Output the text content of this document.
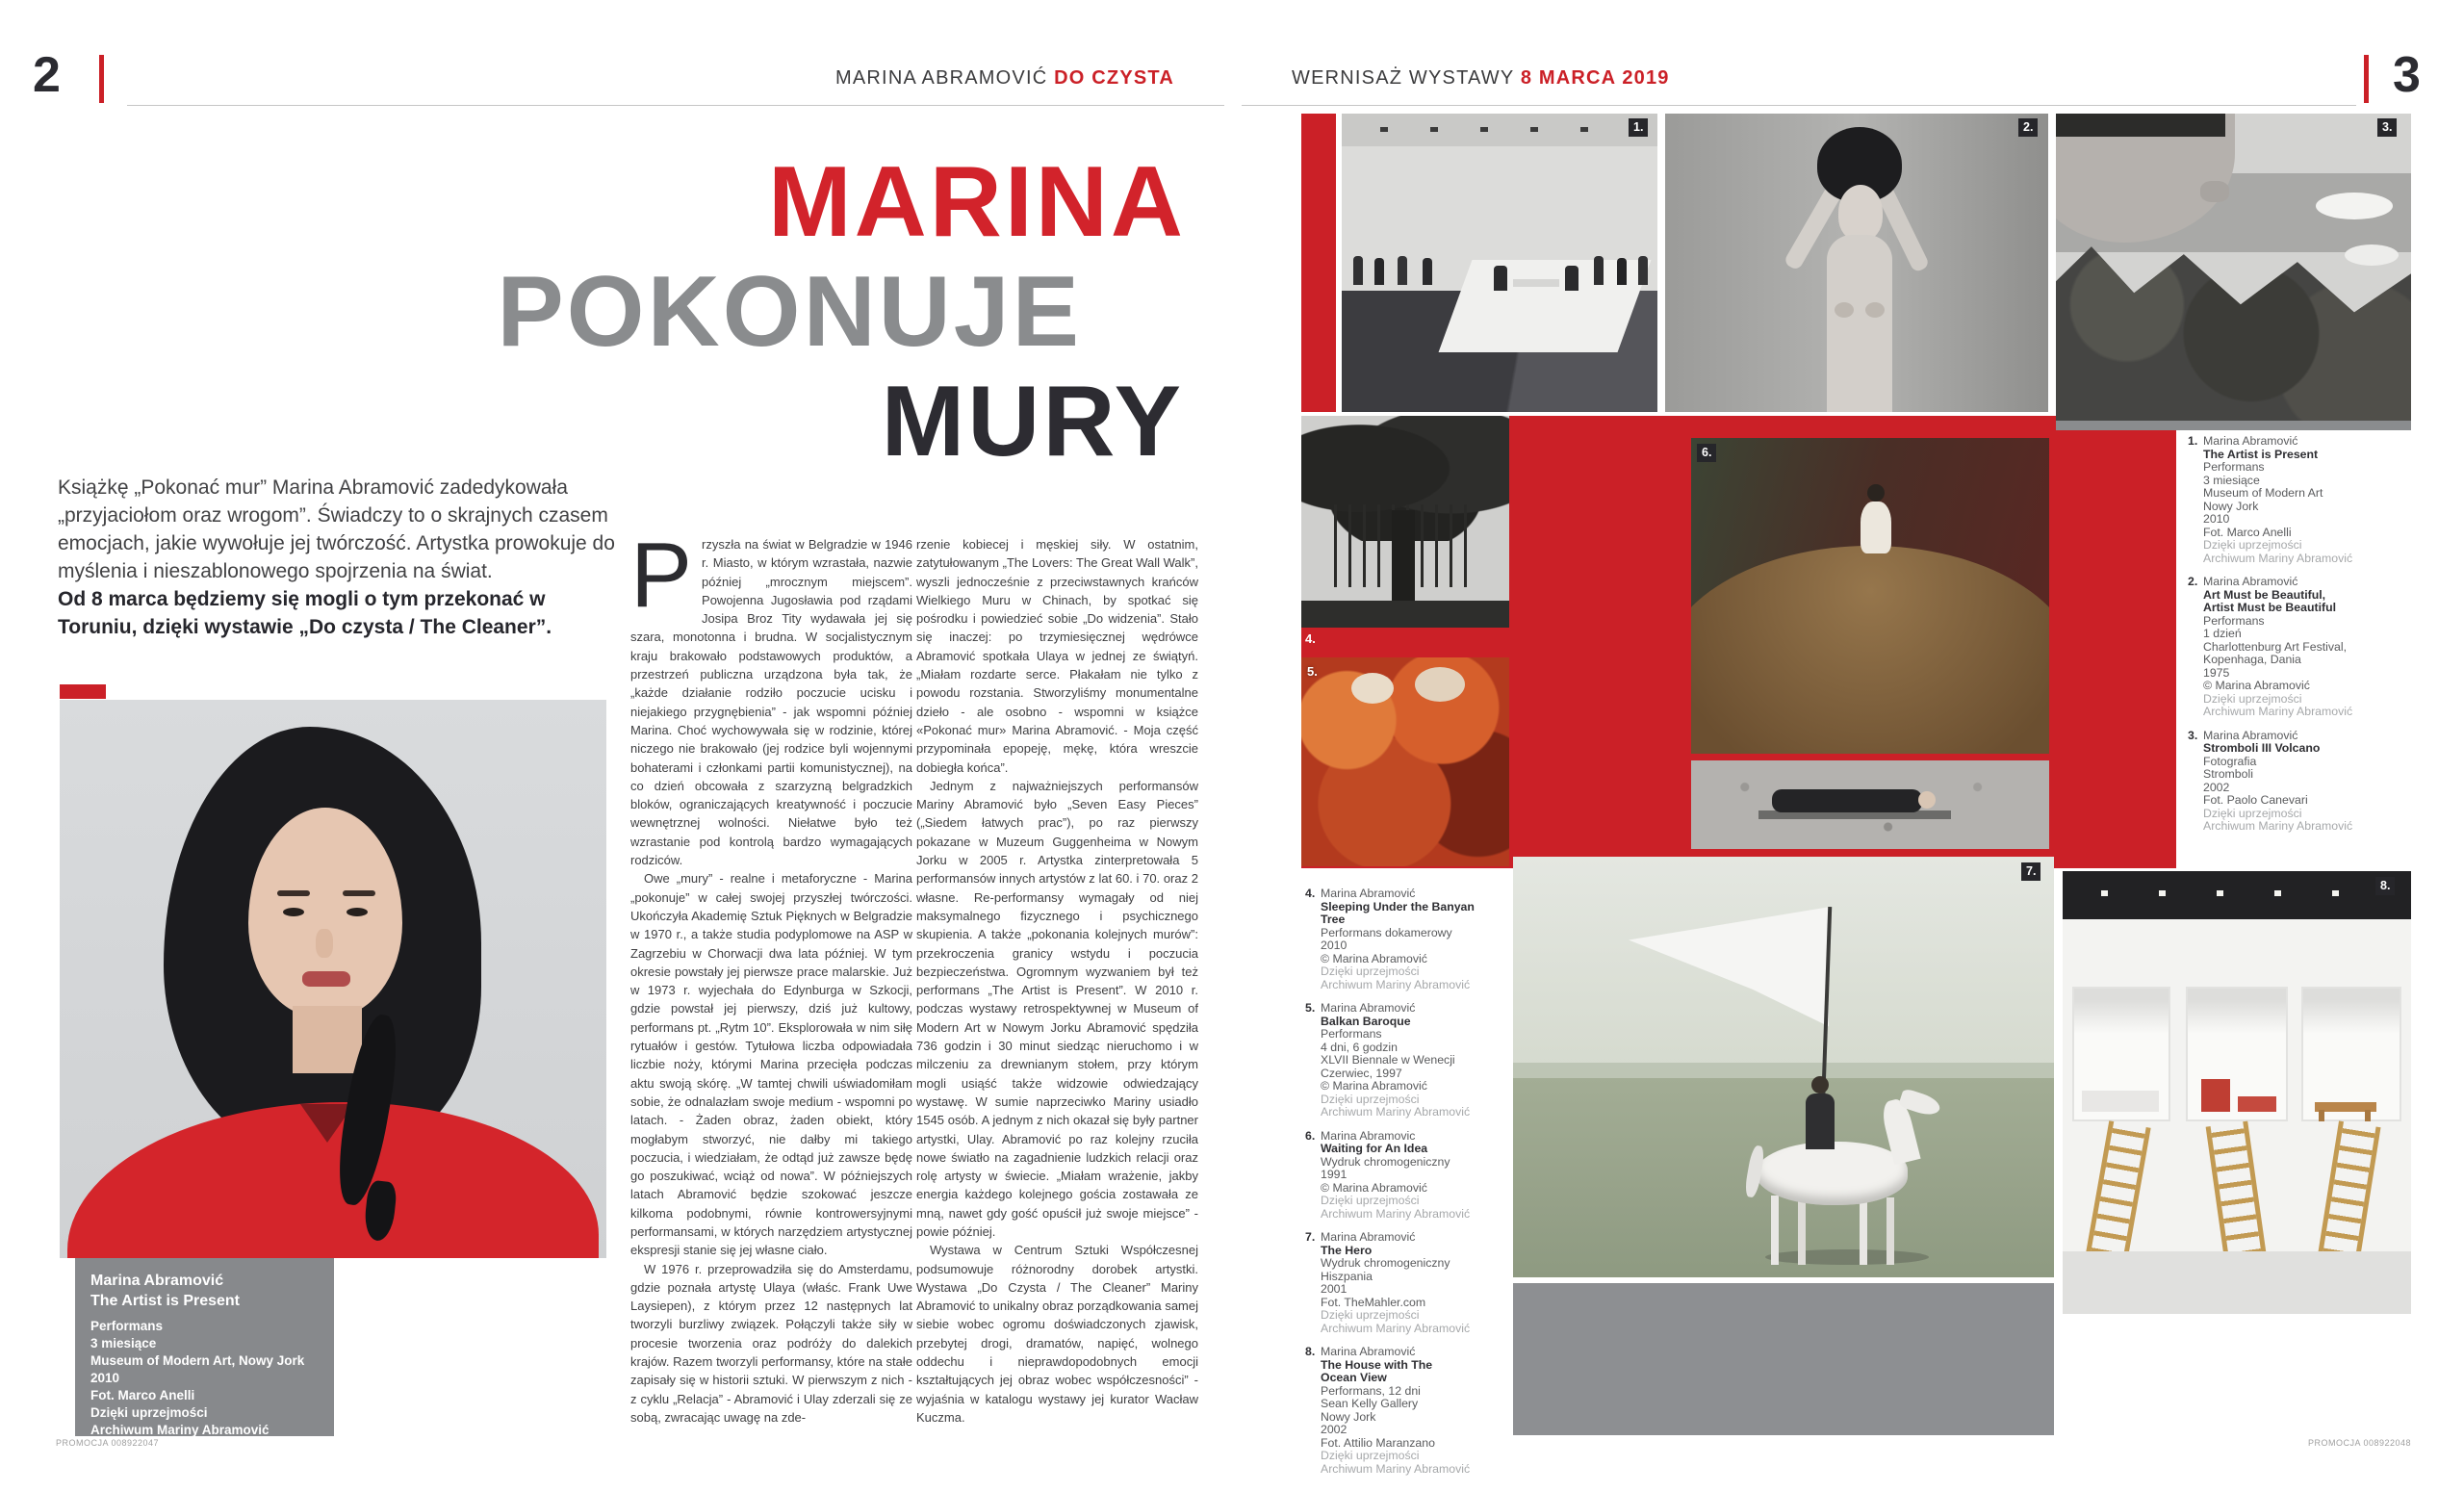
2	MARINA ABRAMOVIĆ DO CZYSTA	WERNISAŻ WYSTAWY 8 MARCA 2019	3
MARINA
POKONUJE
MURY
Książkę „Pokonać mur” Marina Abramović zadedykowała „przyjaciołom oraz wrogom”. Świadczy to o skrajnych czasem emocjach, jakie wywołuje jej twórczość. Artystka prowokuje do myślenia i nieszablonowego spojrzenia na świat.
Od 8 marca będziemy się mogli o tym przekonać w Toruniu, dzięki wystawie „Do czysta / The Cleaner”.

Przyszła na świat w Belgradzie w 1946 r. Miasto, w którym wzrastała, nazwie później „mrocznym miejscem”. Powojenna Jugosławia pod rządami Josipa Broz Tity wydawała jej się szara, monotonna i brudna. W socjalistycznym kraju brakowało podstawowych produktów, a przestrzeń publiczna urządzona była tak, że „każde działanie rodziło poczucie ucisku i niejakiego przygnębienia” - jak wspomni później Marina. Choć wychowywała się w rodzinie, której niczego nie brakowało (jej rodzice byli wojennymi bohaterami i członkami partii komunistycznej), na co dzień obcowała z szarzyzną belgradzkich bloków, ograniczających kreatywność i poczucie wewnętrznej wolności. Niełatwe było też wzrastanie pod kontrolą bardzo wymagających rodziców.

Owe „mury” - realne i metaforyczne - Marina „pokonuje” w całej swojej przyszłej twórczości. Ukończyła Akademię Sztuk Pięknych w Belgradzie w 1970 r., a także studia podyplomowe na ASP w Zagrzebiu w Chorwacji dwa lata później. W tym okresie powstały jej pierwsze prace malarskie. Już w 1973 r. wyjechała do Edynburga w Szkocji, gdzie powstał jej pierwszy, dziś już kultowy, performans pt. „Rytm 10”. Eksplorowała w nim siłę rytuałów i gestów. Tytułowa liczba odpowiadała liczbie noży, którymi Marina przecięła podczas aktu swoją skórę. „W tamtej chwili uświadomiłam sobie, że odnalazłam swoje medium - wspomni po latach. - Żaden obraz, żaden obiekt, który mogłabym stworzyć, nie dałby mi takiego poczucia, i wiedziałam, że odtąd już zawsze będę go poszukiwać, wciąż od nowa”. W późniejszych latach Abramović będzie szokować jeszcze kilkoma podobnymi, równie kontrowersyjnymi performansami, w których narzędziem artystycznej ekspresji stanie się jej własne ciało.

W 1976 r. przeprowadziła się do Amsterdamu, gdzie poznała artystę Ulaya (właśc. Frank Uwe Laysiepen), z którym przez 12 następnych lat tworzyli burzliwy związek. Połączyli także siły w procesie tworzenia oraz podróży do dalekich krajów. Razem tworzyli performansy, które na stałe zapisały się w historii sztuki. W pierwszym z nich - z cyklu „Relacja” - Abramović i Ulay zderzali się ze sobą, zwracając uwagę na zde-

rzenie kobiecej i męskiej siły. W ostatnim, zatytułowanym „The Lovers: The Great Wall Walk”, wyszli jednocześnie z przeciwstawnych krańców Wielkiego Muru w Chinach, by spotkać się pośrodku i powiedzieć sobie „Do widzenia”. Stało się inaczej: po trzymiesięcznej wędrówce Abramović spotkała Ulaya w jednej ze świątyń. „Miałam rozdarte serce. Płakałam nie tylko z powodu rozstania. Stworzyliśmy monumentalne dzieło - ale osobno - wspomni w książce «Pokonać mur» Marina Abramović. - Moja część przypominała epopeję, mękę, która wreszcie dobiegła końca”.

Jednym z najważniejszych performansów Mariny Abramović było „Seven Easy Pieces” („Siedem łatwych prac”), po raz pierwszy pokazane w Muzeum Guggenheima w Nowym Jorku w 2005 r. Artystka zinterpretowała 5 performansów innych artystów z lat 60. i 70. oraz 2 własne. Re-performansy wymagały od niej maksymalnego fizycznego i psychicznego skupienia. A także „pokonania kolejnych murów”: przekroczenia granicy wstydu i poczucia bezpieczeństwa. Ogromnym wyzwaniem był też performans „The Artist is Present”. W 2010 r. podczas wystawy retrospektywnej w Museum of Modern Art w Nowym Jorku Abramović spędziła 736 godzin i 30 minut siedząc nieruchomo i w milczeniu za drewnianym stołem, przy którym mogli usiąść także widzowie odwiedzający wystawę. W sumie naprzeciwko Mariny usiadło 1545 osób. A jednym z nich okazał się były partner artystki, Ulay. Abramović po raz kolejny rzuciła nowe światło na zagadnienie ludzkich relacji oraz rolę artysty w świecie. „Miałam wrażenie, jakby energia każdego kolejnego gościa zostawała ze mną, nawet gdy gość opuścił już swoje miejsce” - powie później.

Wystawa w Centrum Sztuki Współczesnej podsumowuje różnorodny dorobek artystki. Wystawa „Do Czysta / The Cleaner” Mariny Abramović to unikalny obraz porządkowania samej siebie wobec ogromu doświadczonych zjawisk, przebytej drogi, dramatów, napięć, wolnego oddechu i nieprawdopodobnych emocji kształtujących jej obraz wobec współczesności” - wyjaśnia w katalogu wystawy jej kurator Wacław Kuczma.

Marina Abramović
The Artist is Present
Performans
3 miesiące
Museum of Modern Art, Nowy Jork
2010
Fot. Marco Anelli
Dzięki uprzejmości
Archiwum Mariny Abramović
PROMOCJA 008922047	PROMOCJA 008922048
1.	2.	3.
4.
5.
6.
7.
8.
1. Marina Abramović
The Artist is Present
Performans
3 miesiące
Museum of Modern Art
Nowy Jork
2010
Fot. Marco Anelli
Dzięki uprzejmości
Archiwum Mariny Abramović
2. Marina Abramović
Art Must be Beautiful,
Artist Must be Beautiful
Performans
1 dzień
Charlottenburg Art Festival,
Kopenhaga, Dania
1975
© Marina Abramović
Dzięki uprzejmości
Archiwum Mariny Abramović
3. Marina Abramović
Stromboli III Volcano
Fotografia
Stromboli
2002
Fot. Paolo Canevari
Dzięki uprzejmości
Archiwum Mariny Abramović
4. Marina Abramović
Sleeping Under the Banyan Tree
Performans dokamerowy
2010
© Marina Abramović
Dzięki uprzejmości
Archiwum Mariny Abramović
5. Marina Abramović
Balkan Baroque
Performans
4 dni, 6 godzin
XLVII Biennale w Wenecji
Czerwiec, 1997
© Marina Abramović
Dzięki uprzejmości
Archiwum Mariny Abramović
6. Marina Abramovic
Waiting for An Idea
Wydruk chromogeniczny
1991
© Marina Abramović
Dzięki uprzejmości
Archiwum Mariny Abramović
7. Marina Abramović
The Hero
Wydruk chromogeniczny
Hiszpania
2001
Fot. TheMahler.com
Dzięki uprzejmości
Archiwum Mariny Abramović
8. Marina Abramović
The House with The
Ocean View
Performans, 12 dni
Sean Kelly Gallery
Nowy Jork
2002
Fot. Attilio Maranzano
Dzięki uprzejmości
Archiwum Mariny Abramović
